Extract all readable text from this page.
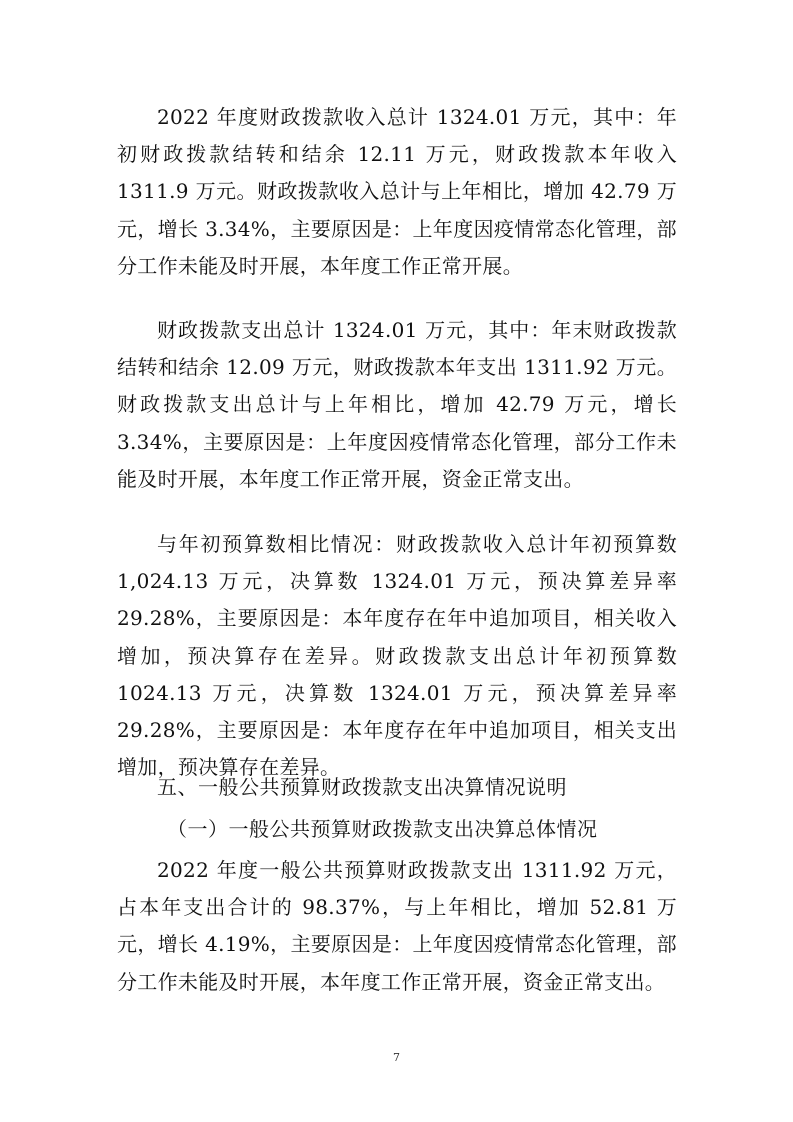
2022 年度财政拨款收入总计 1324.01 万元，其中：年初财政拨款结转和结余 12.11 万元，财政拨款本年收入 1311.9 万元。财政拨款收入总计与上年相比，增加 42.79 万元，增长 3.34%，主要原因是：上年度因疫情常态化管理，部分工作未能及时开展，本年度工作正常开展。

财政拨款支出总计 1324.01 万元，其中：年末财政拨款结转和结余 12.09 万元，财政拨款本年支出 1311.92 万元。财政拨款支出总计与上年相比，增加 42.79 万元，增长 3.34%，主要原因是：上年度因疫情常态化管理，部分工作未能及时开展，本年度工作正常开展，资金正常支出。

与年初预算数相比情况：财政拨款收入总计年初预算数 1,024.13 万元，决算数 1324.01 万元，预决算差异率 29.28%，主要原因是：本年度存在年中追加项目，相关收入增加，预决算存在差异。财政拨款支出总计年初预算数 1024.13 万元，决算数 1324.01 万元，预决算差异率 29.28%，主要原因是：本年度存在年中追加项目，相关支出增加，预决算存在差异。

五、一般公共预算财政拨款支出决算情况说明
（一）一般公共预算财政拨款支出决算总体情况

2022 年度一般公共预算财政拨款支出 1311.92 万元，占本年支出合计的 98.37%，与上年相比，增加 52.81 万元，增长 4.19%，主要原因是：上年度因疫情常态化管理，部分工作未能及时开展，本年度工作正常开展，资金正常支出。

7
